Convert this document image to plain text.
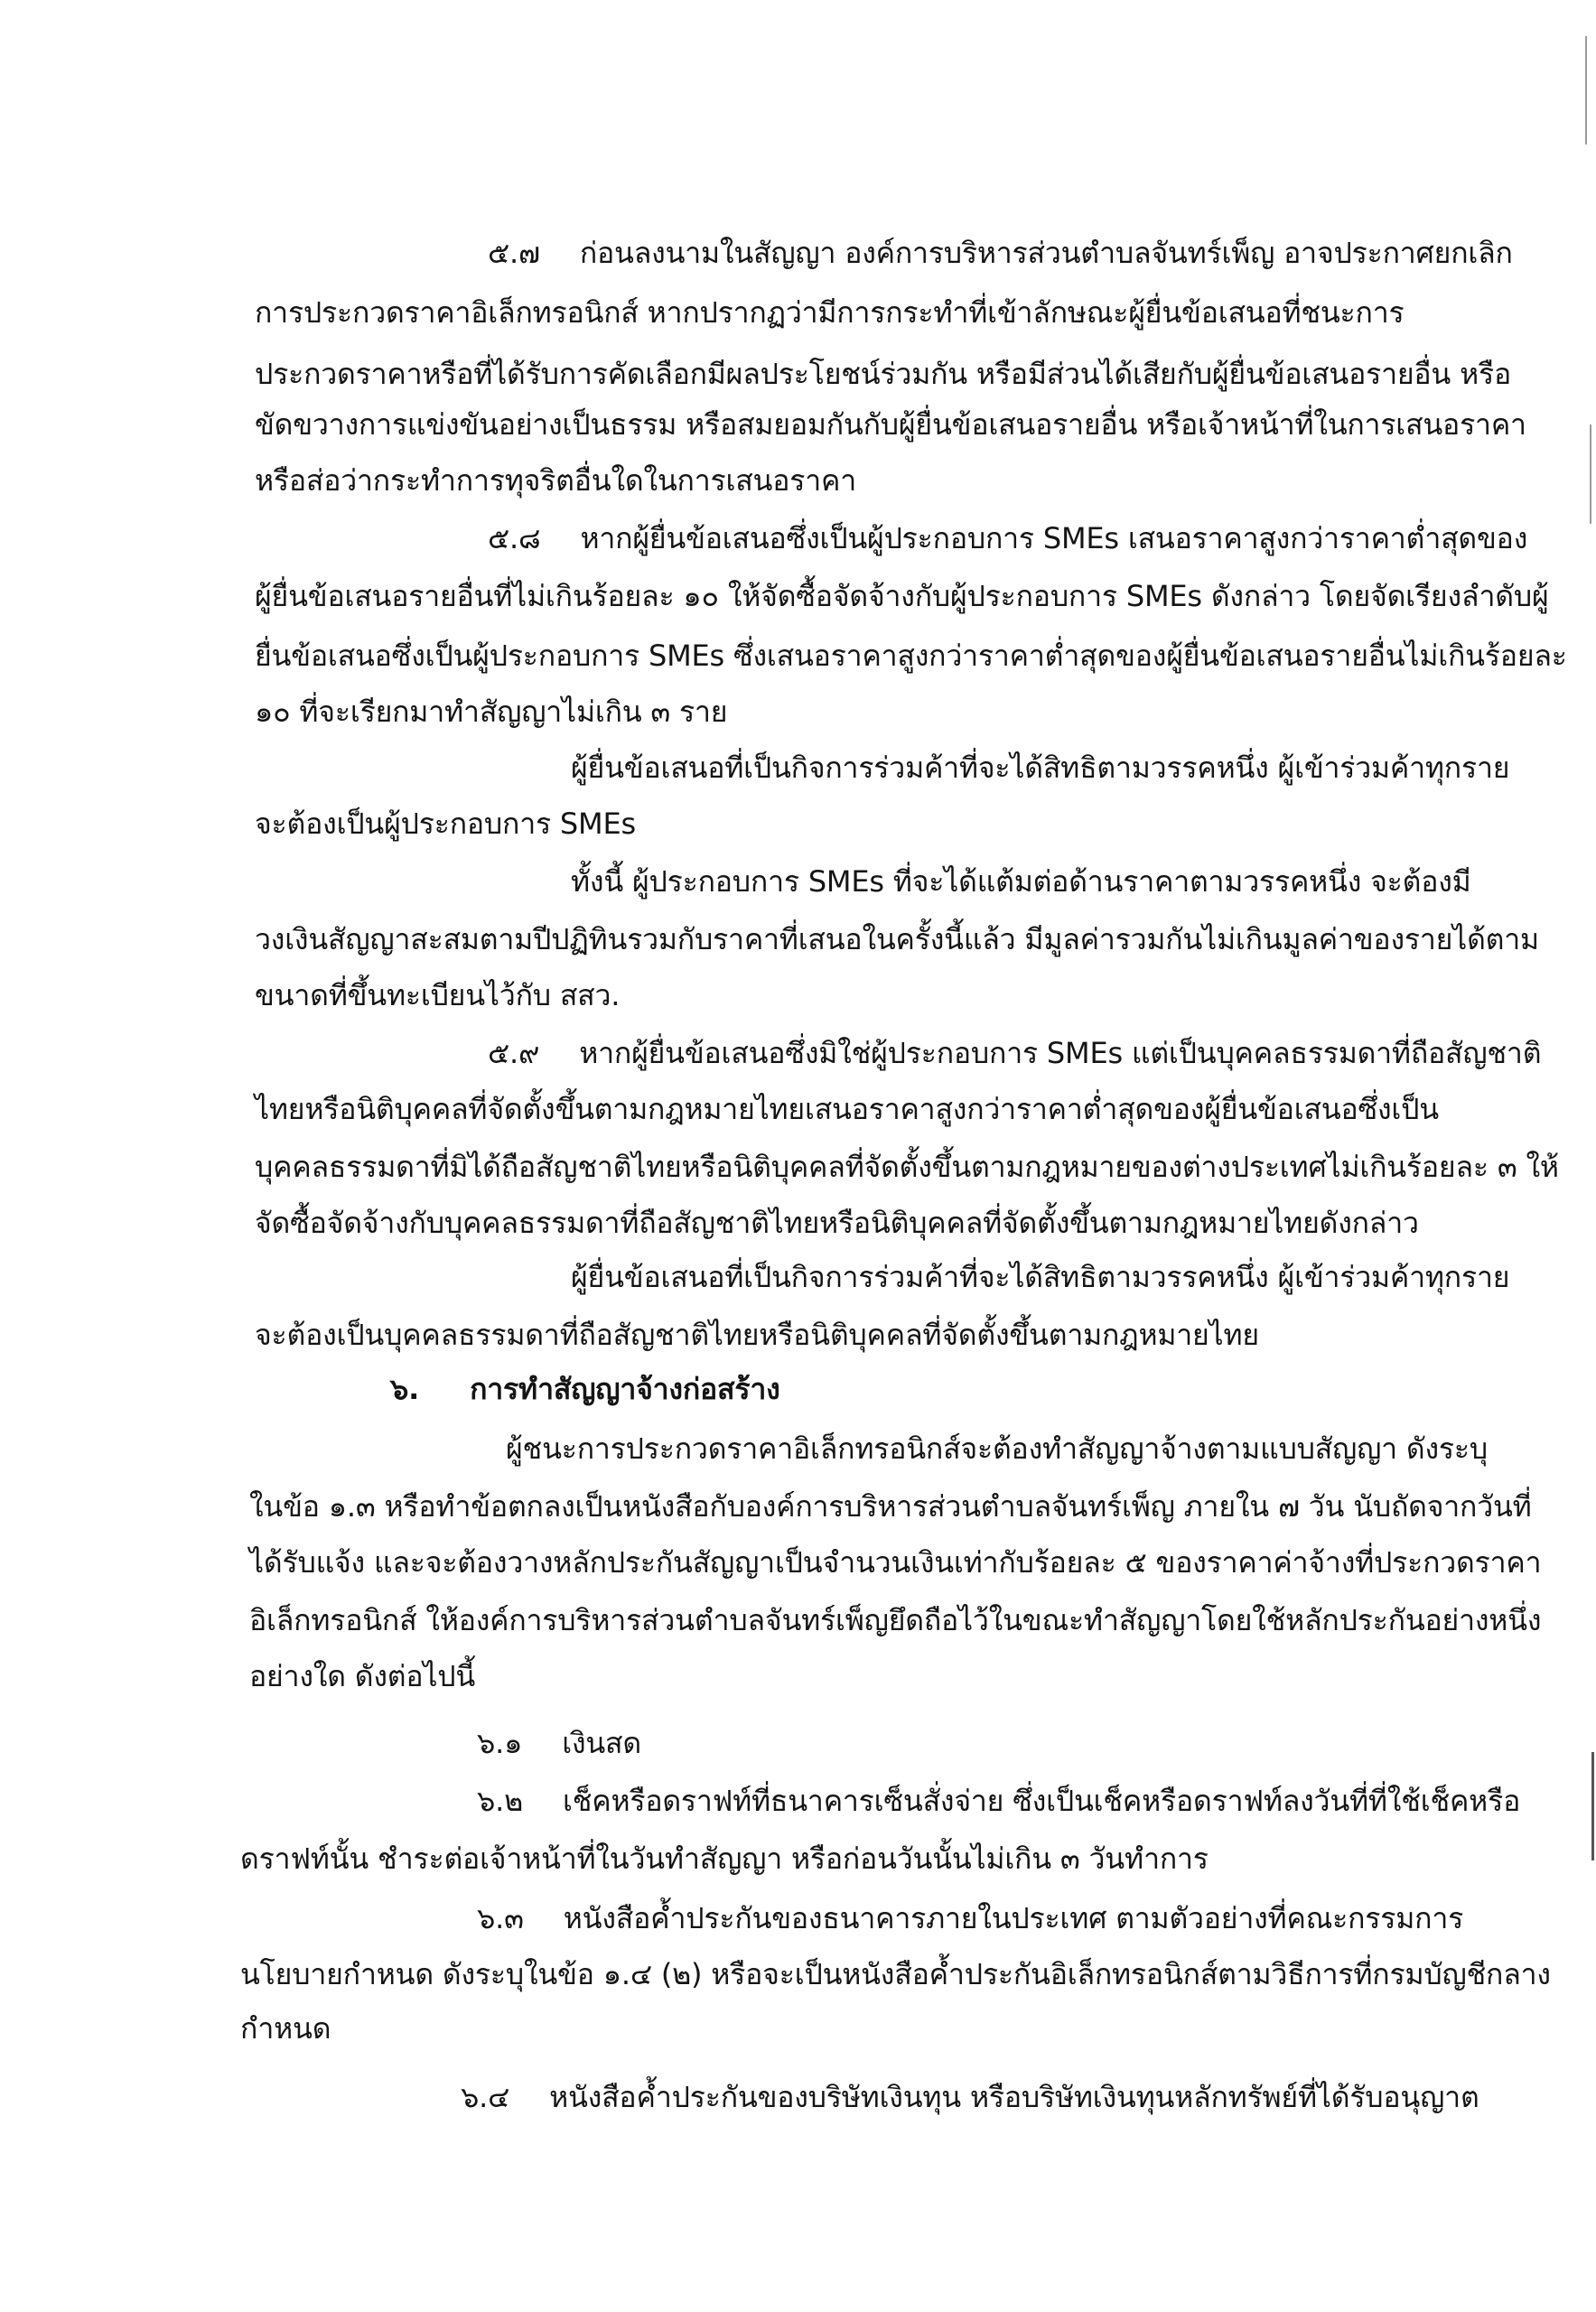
๕.๗ ก่อนลงนามในสัญญา องค์การบริหารส่วนตำบลจันทร์เพ็ญ อาจประกาศยกเลิก
การประกวดราคาอิเล็กทรอนิกส์ หากปรากฏว่ามีการกระทำที่เข้าลักษณะผู้ยื่นข้อเสนอที่ชนะการ
ประกวดราคาหรือที่ได้รับการคัดเลือกมีผลประโยชน์ร่วมกัน หรือมีส่วนได้เสียกับผู้ยื่นข้อเสนอรายอื่น หรือ
ขัดขวางการแข่งขันอย่างเป็นธรรม หรือสมยอมกันกับผู้ยื่นข้อเสนอรายอื่น หรือเจ้าหน้าที่ในการเสนอราคา
หรือส่อว่ากระทำการทุจริตอื่นใดในการเสนอราคา
๕.๘ หากผู้ยื่นข้อเสนอซึ่งเป็นผู้ประกอบการ SMEs เสนอราคาสูงกว่าราคาต่ำสุดของ
ผู้ยื่นข้อเสนอรายอื่นที่ไม่เกินร้อยละ ๑๐ ให้จัดซื้อจัดจ้างกับผู้ประกอบการ SMEs ดังกล่าว โดยจัดเรียงลำดับผู้
ยื่นข้อเสนอซึ่งเป็นผู้ประกอบการ SMEs ซึ่งเสนอราคาสูงกว่าราคาต่ำสุดของผู้ยื่นข้อเสนอรายอื่นไม่เกินร้อยละ
๑๐ ที่จะเรียกมาทำสัญญาไม่เกิน ๓ ราย
ผู้ยื่นข้อเสนอที่เป็นกิจการร่วมค้าที่จะได้สิทธิตามวรรคหนึ่ง ผู้เข้าร่วมค้าทุกราย
จะต้องเป็นผู้ประกอบการ SMEs
ทั้งนี้ ผู้ประกอบการ SMEs ที่จะได้แต้มต่อด้านราคาตามวรรคหนึ่ง จะต้องมี
วงเงินสัญญาสะสมตามปีปฏิทินรวมกับราคาที่เสนอในครั้งนี้แล้ว มีมูลค่ารวมกันไม่เกินมูลค่าของรายได้ตาม
ขนาดที่ขึ้นทะเบียนไว้กับ สสว.
๕.๙ หากผู้ยื่นข้อเสนอซึ่งมิใช่ผู้ประกอบการ SMEs แต่เป็นบุคคลธรรมดาที่ถือสัญชาติ
ไทยหรือนิติบุคคลที่จัดตั้งขึ้นตามกฎหมายไทยเสนอราคาสูงกว่าราคาต่ำสุดของผู้ยื่นข้อเสนอซึ่งเป็น
บุคคลธรรมดาที่มิได้ถือสัญชาติไทยหรือนิติบุคคลที่จัดตั้งขึ้นตามกฎหมายของต่างประเทศไม่เกินร้อยละ ๓ ให้
จัดซื้อจัดจ้างกับบุคคลธรรมดาที่ถือสัญชาติไทยหรือนิติบุคคลที่จัดตั้งขึ้นตามกฎหมายไทยดังกล่าว
ผู้ยื่นข้อเสนอที่เป็นกิจการร่วมค้าที่จะได้สิทธิตามวรรคหนึ่ง ผู้เข้าร่วมค้าทุกราย
จะต้องเป็นบุคคลธรรมดาที่ถือสัญชาติไทยหรือนิติบุคคลที่จัดตั้งขึ้นตามกฎหมายไทย
๖. การทำสัญญาจ้างก่อสร้าง
ผู้ชนะการประกวดราคาอิเล็กทรอนิกส์จะต้องทำสัญญาจ้างตามแบบสัญญา ดังระบุ
ในข้อ ๑.๓ หรือทำข้อตกลงเป็นหนังสือกับองค์การบริหารส่วนตำบลจันทร์เพ็ญ ภายใน ๗ วัน นับถัดจากวันที่
ได้รับแจ้ง และจะต้องวางหลักประกันสัญญาเป็นจำนวนเงินเท่ากับร้อยละ ๕ ของราคาค่าจ้างที่ประกวดราคา
อิเล็กทรอนิกส์ ให้องค์การบริหารส่วนตำบลจันทร์เพ็ญยึดถือไว้ในขณะทำสัญญาโดยใช้หลักประกันอย่างหนึ่ง
อย่างใด ดังต่อไปนี้
๖.๑ เงินสด
๖.๒ เช็คหรือดราฟท์ที่ธนาคารเซ็นสั่งจ่าย ซึ่งเป็นเช็คหรือดราฟท์ลงวันที่ที่ใช้เช็คหรือ
ดราฟท์นั้น ชำระต่อเจ้าหน้าที่ในวันทำสัญญา หรือก่อนวันนั้นไม่เกิน ๓ วันทำการ
๖.๓ หนังสือค้ำประกันของธนาคารภายในประเทศ ตามตัวอย่างที่คณะกรรมการ
นโยบายกำหนด ดังระบุในข้อ ๑.๔ (๒) หรือจะเป็นหนังสือค้ำประกันอิเล็กทรอนิกส์ตามวิธีการที่กรมบัญชีกลาง
กำหนด
๖.๔ หนังสือค้ำประกันของบริษัทเงินทุน หรือบริษัทเงินทุนหลักทรัพย์ที่ได้รับอนุญาต
